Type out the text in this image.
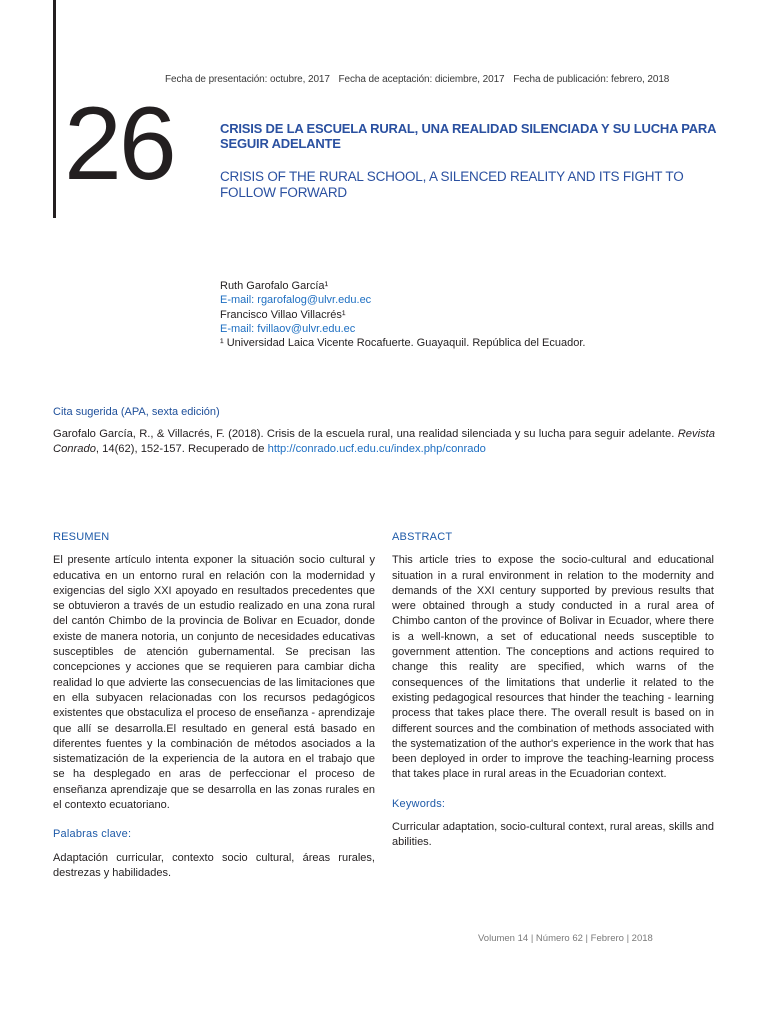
Fecha de presentación: octubre, 2017 Fecha de aceptación: diciembre, 2017 Fecha de publicación: febrero, 2018
26	CRISIS DE LA ESCUELA RURAL, UNA REALIDAD SILENCIADA Y SU LUCHA PARA SEGUIR ADELANTE
CRISIS OF THE RURAL SCHOOL, A SILENCED REALITY AND ITS FIGHT TO FOLLOW FORWARD
Ruth Garofalo García¹
E-mail: rgarofalog@ulvr.edu.ec
Francisco Villao Villacrés¹
E-mail: fvillaov@ulvr.edu.ec
¹ Universidad Laica Vicente Rocafuerte. Guayaquil. República del Ecuador.
Cita sugerida (APA, sexta edición)
Garofalo García, R., & Villacrés, F. (2018). Crisis de la escuela rural, una realidad silenciada y su lucha para seguir adelante. Revista Conrado, 14(62), 152-157. Recuperado de http://conrado.ucf.edu.cu/index.php/conrado
RESUMEN

El presente artículo intenta exponer la situación socio cultural y educativa en un entorno rural en relación con la modernidad y exigencias del siglo XXI apoyado en resultados precedentes que se obtuvieron a través de un estudio realizado en una zona rural del cantón Chimbo de la provincia de Bolivar en Ecuador, donde existe de manera notoria, un conjunto de necesidades educativas susceptibles de atención gubernamental. Se precisan las concepciones y acciones que se requieren para cambiar dicha realidad lo que advierte las consecuencias de las limitaciones que en ella subyacen relacionadas con los recursos pedagógicos existentes que obstaculiza el proceso de enseñanza - aprendizaje que allí se desarrolla.El resultado en general está basado en diferentes fuentes y la combinación de métodos asociados a la sistematización de la experiencia de la autora en el trabajo que se ha desplegado en aras de perfeccionar el proceso de enseñanza aprendizaje que se desarrolla en las zonas rurales en el contexto ecuatoriano.

Palabras clave:

Adaptación curricular, contexto socio cultural, áreas rurales, destrezas y habilidades.

ABSTRACT

This article tries to expose the socio-cultural and educational situation in a rural environment in relation to the modernity and demands of the XXI century supported by previous results that were obtained through a study conducted in a rural area of Chimbo canton of the province of Bolivar in Ecuador, where there is a well-known, a set of educational needs susceptible to government attention. The conceptions and actions required to change this reality are specified, which warns of the consequences of the limitations that underlie it related to the existing pedagogical resources that hinder the teaching - learning process that takes place there. The overall result is based on in different sources and the combination of methods associated with the systematization of the author's experience in the work that has been deployed in order to improve the teaching-learning process that takes place in rural areas in the Ecuadorian context.

Keywords:

Curricular adaptation, socio-cultural context, rural areas, skills and abilities.

Volumen 14 | Número 62 | Febrero | 2018
